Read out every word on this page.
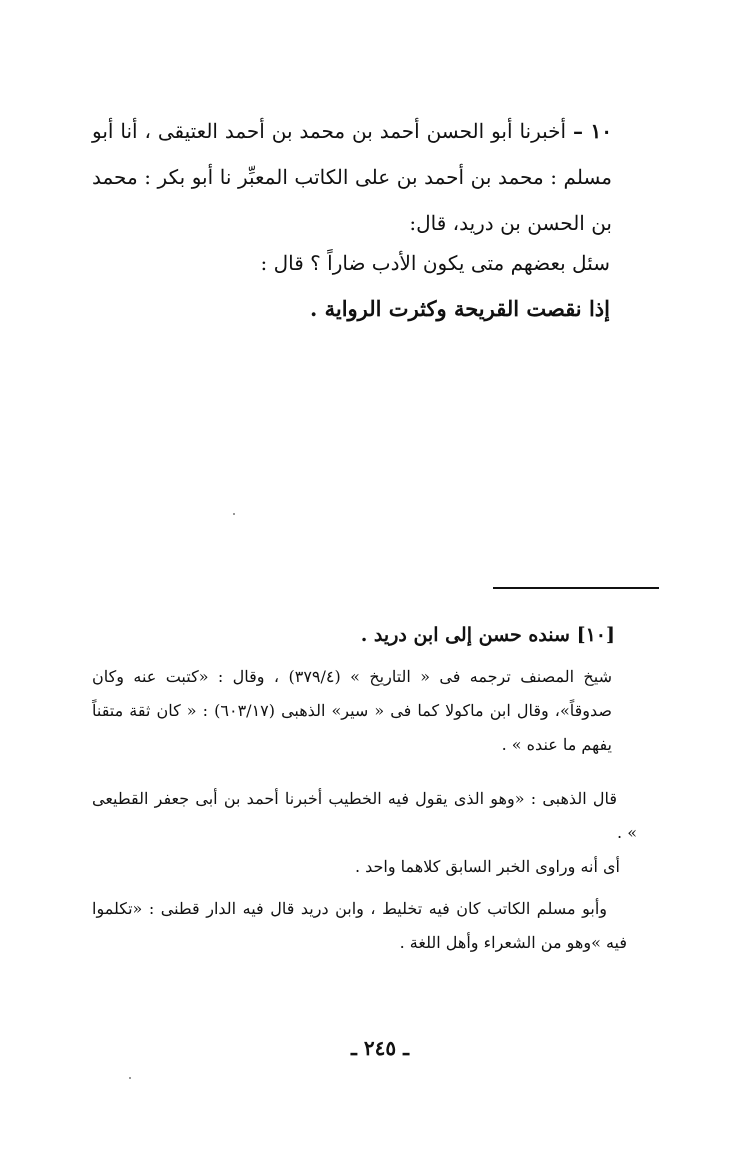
١٠ – أخبرنا أبو الحسن أحمد بن محمد بن أحمد العتيقى ، أنا أبو مسلم : محمد بن أحمد بن على الكاتب المعبِّر نا أبو بكر : محمد بن الحسن بن دريد، قال:
سئل بعضهم متى يكون الأدب ضاراً ؟ قال :
إذا نقصت القريحة وكثرت الرواية .
[١٠] سنده حسن إلى ابن دريد .
شيخ المصنف ترجمه فى « التاريخ » (٣٧٩/٤) ، وقال : «كتبت عنه وكان صدوقاً»، وقال ابن ماكولا كما فى « سير» الذهبى (٦٠٣/١٧) : « كان ثقة متقناً يفهم ما عنده » .
قال الذهبى : «وهو الذى يقول فيه الخطيب أخبرنا أحمد بن أبى جعفر القطيعى » .
أى أنه وراوى الخبر السابق كلاهما واحد .
وأبو مسلم الكاتب كان فيه تخليط ، وابن دريد قال فيه الدار قطنى : «تكلموا فيه »وهو من الشعراء وأهل اللغة .
ـ ٢٤٥ ـ
